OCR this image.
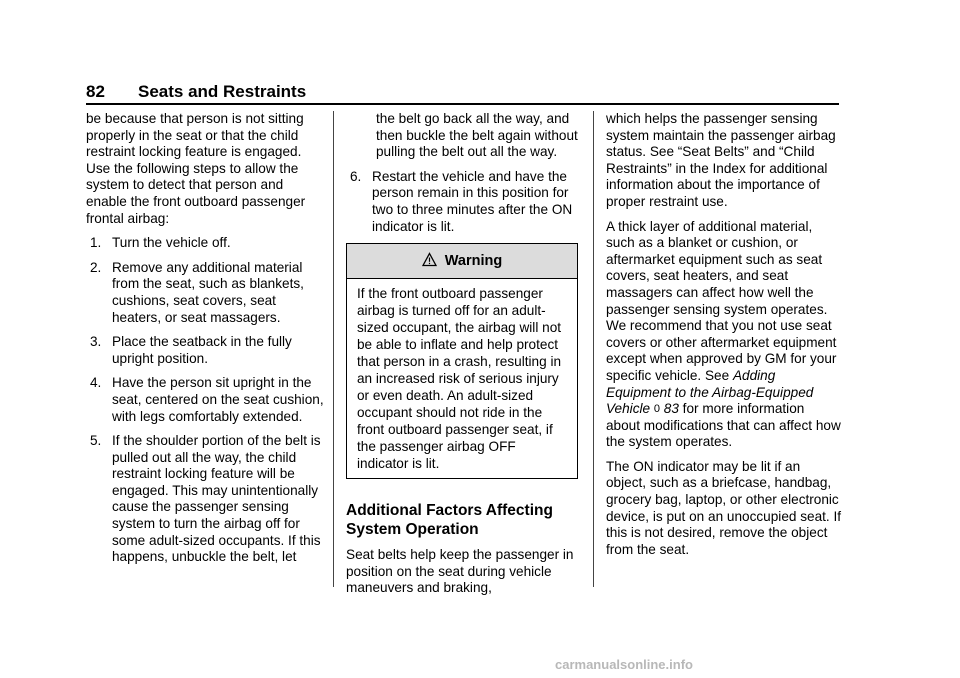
82 Seats and Restraints

be because that person is not sitting properly in the seat or that the child restraint locking feature is engaged. Use the following steps to allow the system to detect that person and enable the front outboard passenger frontal airbag:

1. Turn the vehicle off.
2. Remove any additional material from the seat, such as blankets, cushions, seat covers, seat heaters, or seat massagers.
3. Place the seatback in the fully upright position.
4. Have the person sit upright in the seat, centered on the seat cushion, with legs comfortably extended.
5. If the shoulder portion of the belt is pulled out all the way, the child restraint locking feature will be engaged. This may unintentionally cause the passenger sensing system to turn the airbag off for some adult-sized occupants. If this happens, unbuckle the belt, let
the belt go back all the way, and then buckle the belt again without pulling the belt out all the way.
6. Restart the vehicle and have the person remain in this position for two to three minutes after the ON indicator is lit.
Warning
If the front outboard passenger airbag is turned off for an adult-sized occupant, the airbag will not be able to inflate and help protect that person in a crash, resulting in an increased risk of serious injury or even death. An adult-sized occupant should not ride in the front outboard passenger seat, if the passenger airbag OFF indicator is lit.
Additional Factors Affecting System Operation

Seat belts help keep the passenger in position on the seat during vehicle maneuvers and braking,

which helps the passenger sensing system maintain the passenger airbag status. See “Seat Belts” and “Child Restraints” in the Index for additional information about the importance of proper restraint use.

A thick layer of additional material, such as a blanket or cushion, or aftermarket equipment such as seat covers, seat heaters, and seat massagers can affect how well the passenger sensing system operates. We recommend that you not use seat covers or other aftermarket equipment except when approved by GM for your specific vehicle. See Adding Equipment to the Airbag-Equipped Vehicle 0 83 for more information about modifications that can affect how the system operates.

The ON indicator may be lit if an object, such as a briefcase, handbag, grocery bag, laptop, or other electronic device, is put on an unoccupied seat. If this is not desired, remove the object from the seat.

carmanualsonline.info
